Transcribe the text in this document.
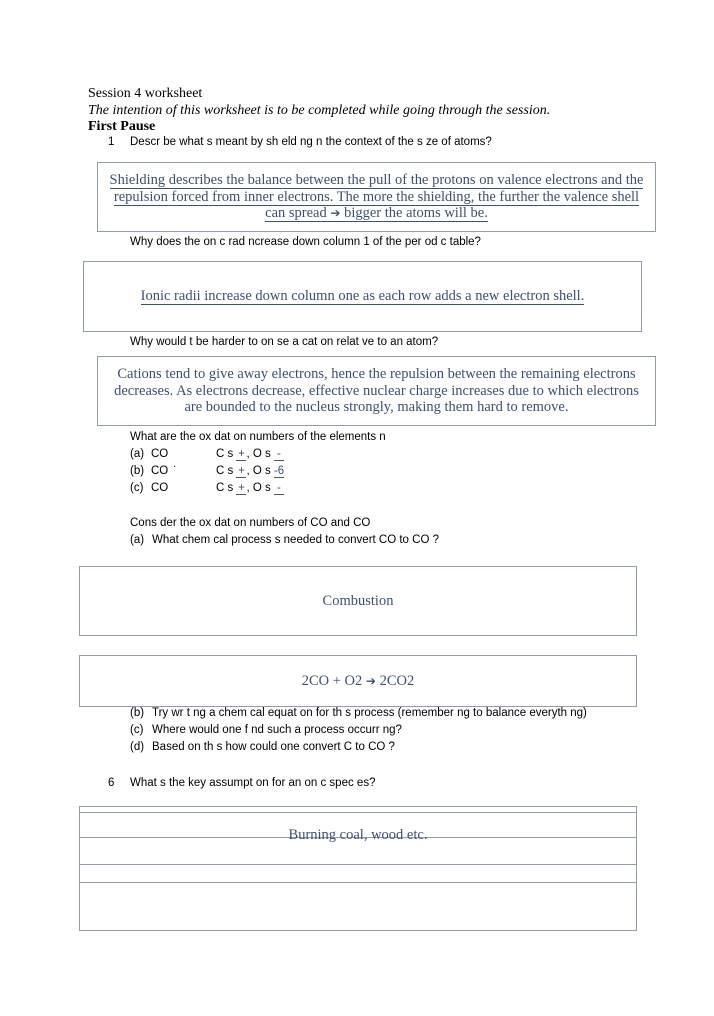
Session 4 worksheet
The intention of this worksheet is to be completed while going through the session.
First Pause
1 Descr be what s meant by sh eld ng n the context of the s ze of atoms?
Shielding describes the balance between the pull of the protons on valence electrons and the
repulsion forced from inner electrons. The more the shielding, the further the valence shell
can spread ➔ bigger the atoms will be.
Why does the on c rad ncrease down column 1 of the per od c table?
Ionic radii increase down column one as each row adds a new electron shell.
Why would t be harder to on se a cat on relat ve to an atom?
Cations tend to give away electrons, hence the repulsion between the remaining electrons
decreases. As electrons decrease, effective nuclear charge increases due to which electrons
are bounded to the nucleus strongly, making them hard to remove.
What are the ox dat on numbers of the elements n
(a) CO	C s + , O s -
(b) CO ·	C s + , O s -6
(c) CO	C s + , O s -
Cons der the ox dat on numbers of CO and CO
(a) What chem cal process s needed to convert CO to CO ?
Combustion
2CO + O2 ➔ 2CO2
(b) Try wr t ng a chem cal equat on for th s process (remember ng to balance everyth ng)
(c) Where would one f nd such a process occurr ng?
(d) Based on th s how could one convert C to CO ?
6 What s the key assumpt on for an on c spec es?
Burning coal, wood etc.
